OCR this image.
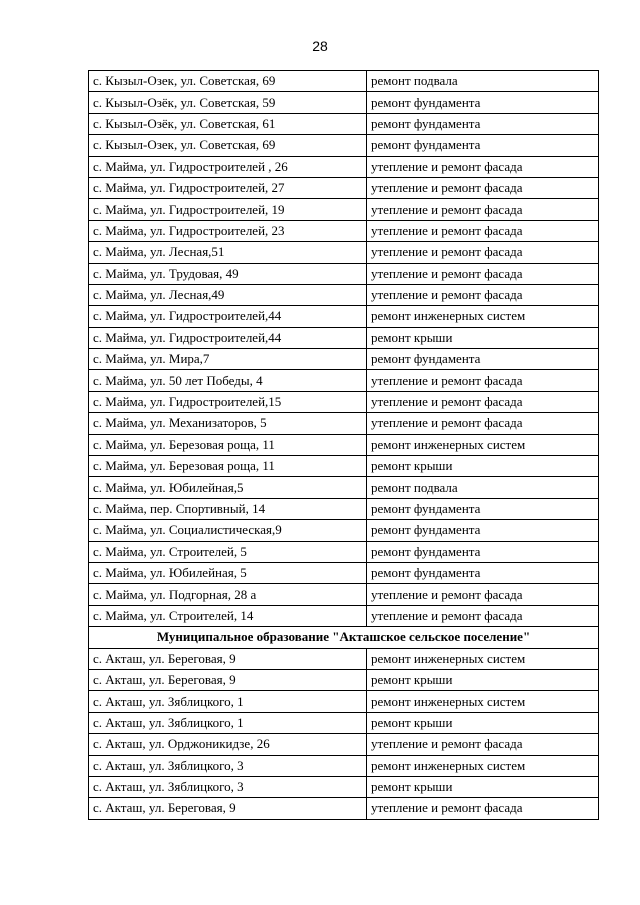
28
с. Кызыл-Озек, ул. Советская, 69	ремонт подвала
с. Кызыл-Озёк, ул. Советская, 59	ремонт фундамента
с. Кызыл-Озёк, ул. Советская, 61	ремонт фундамента
с. Кызыл-Озек, ул. Советская, 69	ремонт фундамента
с. Майма, ул. Гидростроителей , 26	утепление и ремонт фасада
с. Майма, ул. Гидростроителей, 27	утепление и ремонт фасада
с. Майма, ул. Гидростроителей, 19	утепление и ремонт фасада
с. Майма, ул. Гидростроителей, 23	утепление и ремонт фасада
с. Майма, ул. Лесная,51	утепление и ремонт фасада
с. Майма, ул. Трудовая, 49	утепление и ремонт фасада
с. Майма, ул. Лесная,49	утепление и ремонт фасада
с. Майма, ул. Гидростроителей,44	ремонт инженерных систем
с. Майма, ул. Гидростроителей,44	ремонт крыши
с. Майма, ул. Мира,7	ремонт фундамента
с. Майма, ул. 50 лет Победы, 4	утепление и ремонт фасада
с. Майма, ул. Гидростроителей,15	утепление и ремонт фасада
с. Майма, ул. Механизаторов, 5	утепление и ремонт фасада
с. Майма, ул. Березовая роща, 11	ремонт инженерных систем
с. Майма, ул. Березовая роща, 11	ремонт крыши
с. Майма, ул. Юбилейная,5	ремонт подвала
с. Майма, пер. Спортивный, 14	ремонт фундамента
с. Майма, ул. Социалистическая,9	ремонт фундамента
с. Майма, ул. Строителей, 5	ремонт фундамента
с. Майма, ул. Юбилейная, 5	ремонт фундамента
с. Майма, ул. Подгорная, 28 а	утепление и ремонт фасада
с. Майма, ул. Строителей, 14	утепление и ремонт фасада
Муниципальное образование "Акташское сельское поселение"	
с. Акташ, ул. Береговая, 9	ремонт инженерных систем
с. Акташ, ул. Береговая, 9	ремонт крыши
с. Акташ, ул. Зяблицкого, 1	ремонт инженерных систем
с. Акташ, ул. Зяблицкого, 1	ремонт крыши
с. Акташ, ул. Орджоникидзе, 26	утепление и ремонт фасада
с. Акташ, ул. Зяблицкого, 3	ремонт инженерных систем
с. Акташ, ул. Зяблицкого, 3	ремонт крыши
с. Акташ, ул. Береговая, 9	утепление и ремонт фасада
